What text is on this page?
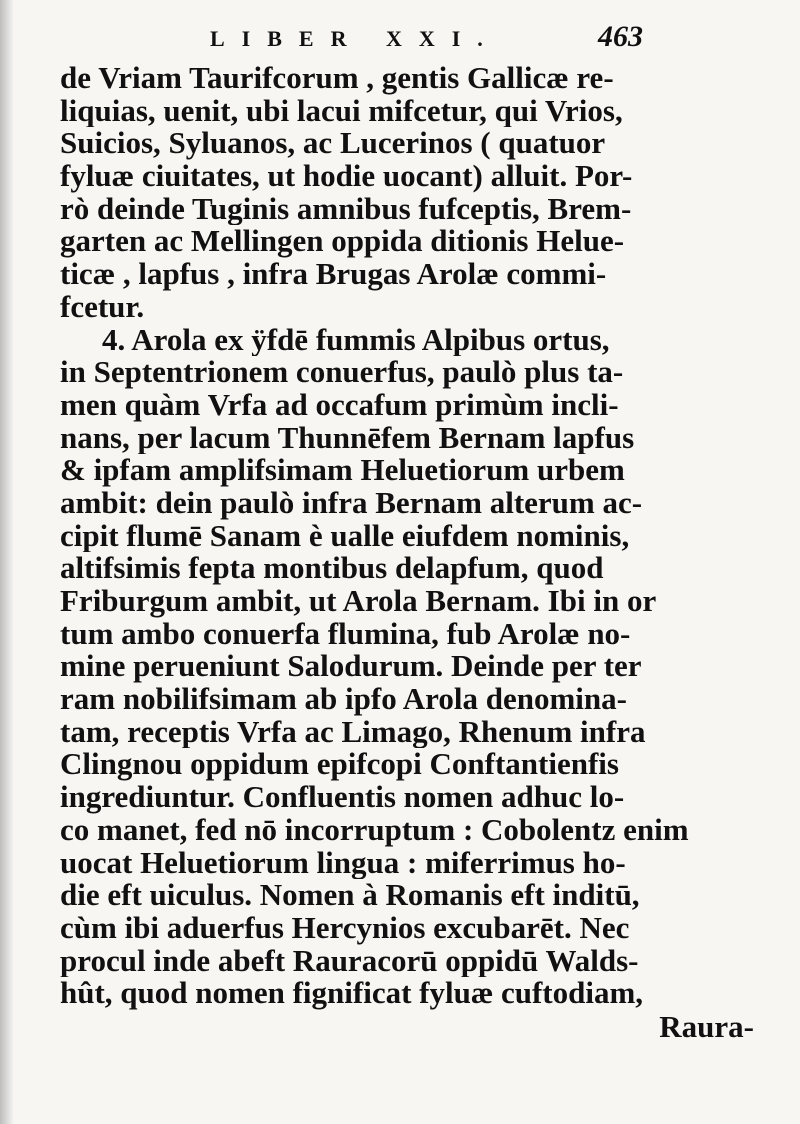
LIBER XXI.	463
de Vriam Taurifcorum , gentis Gallicæ re-
liquias, uenit, ubi lacui mifcetur, qui Vrios,
Suicios, Syluanos, ac Lucerinos ( quatuor
fyluæ ciuitates, ut hodie uocant) alluit. Por-
rò deinde Tuginis amnibus fufceptis, Brem-
garten ac Mellingen oppida ditionis Helue-
ticæ , lapfus , infra Brugas Arolæ commi-
fcetur.
4. Arola ex ÿfdē fummis Alpibus ortus,
in Septentrionem conuerfus, paulò plus ta-
men quàm Vrfa ad occafum primùm incli-
nans, per lacum Thunnēfem Bernam lapfus
& ipfam amplifsimam Heluetiorum urbem
ambit: dein paulò infra Bernam alterum ac-
cipit flumē Sanam è ualle eiufdem nominis,
altifsimis fepta montibus delapfum, quod
Friburgum ambit, ut Arola Bernam. Ibi in or
tum ambo conuerfa flumina, fub Arolæ no-
mine perueniunt Salodurum. Deinde per ter
ram nobilifsimam ab ipfo Arola denomina-
tam, receptis Vrfa ac Limago, Rhenum infra
Clingnou oppidum epifcopi Conftantienfis
ingrediuntur. Confluentis nomen adhuc lo-
co manet, fed nō incorruptum : Cobolentz enim
uocat Heluetiorum lingua : miferrimus ho-
die eft uiculus. Nomen à Romanis eft inditū,
cùm ibi aduerfus Hercynios excubarēt. Nec
procul inde abeft Rauracorū oppidū Walds-
hût, quod nomen fignificat fyluæ cuftodiam,
Raura-
